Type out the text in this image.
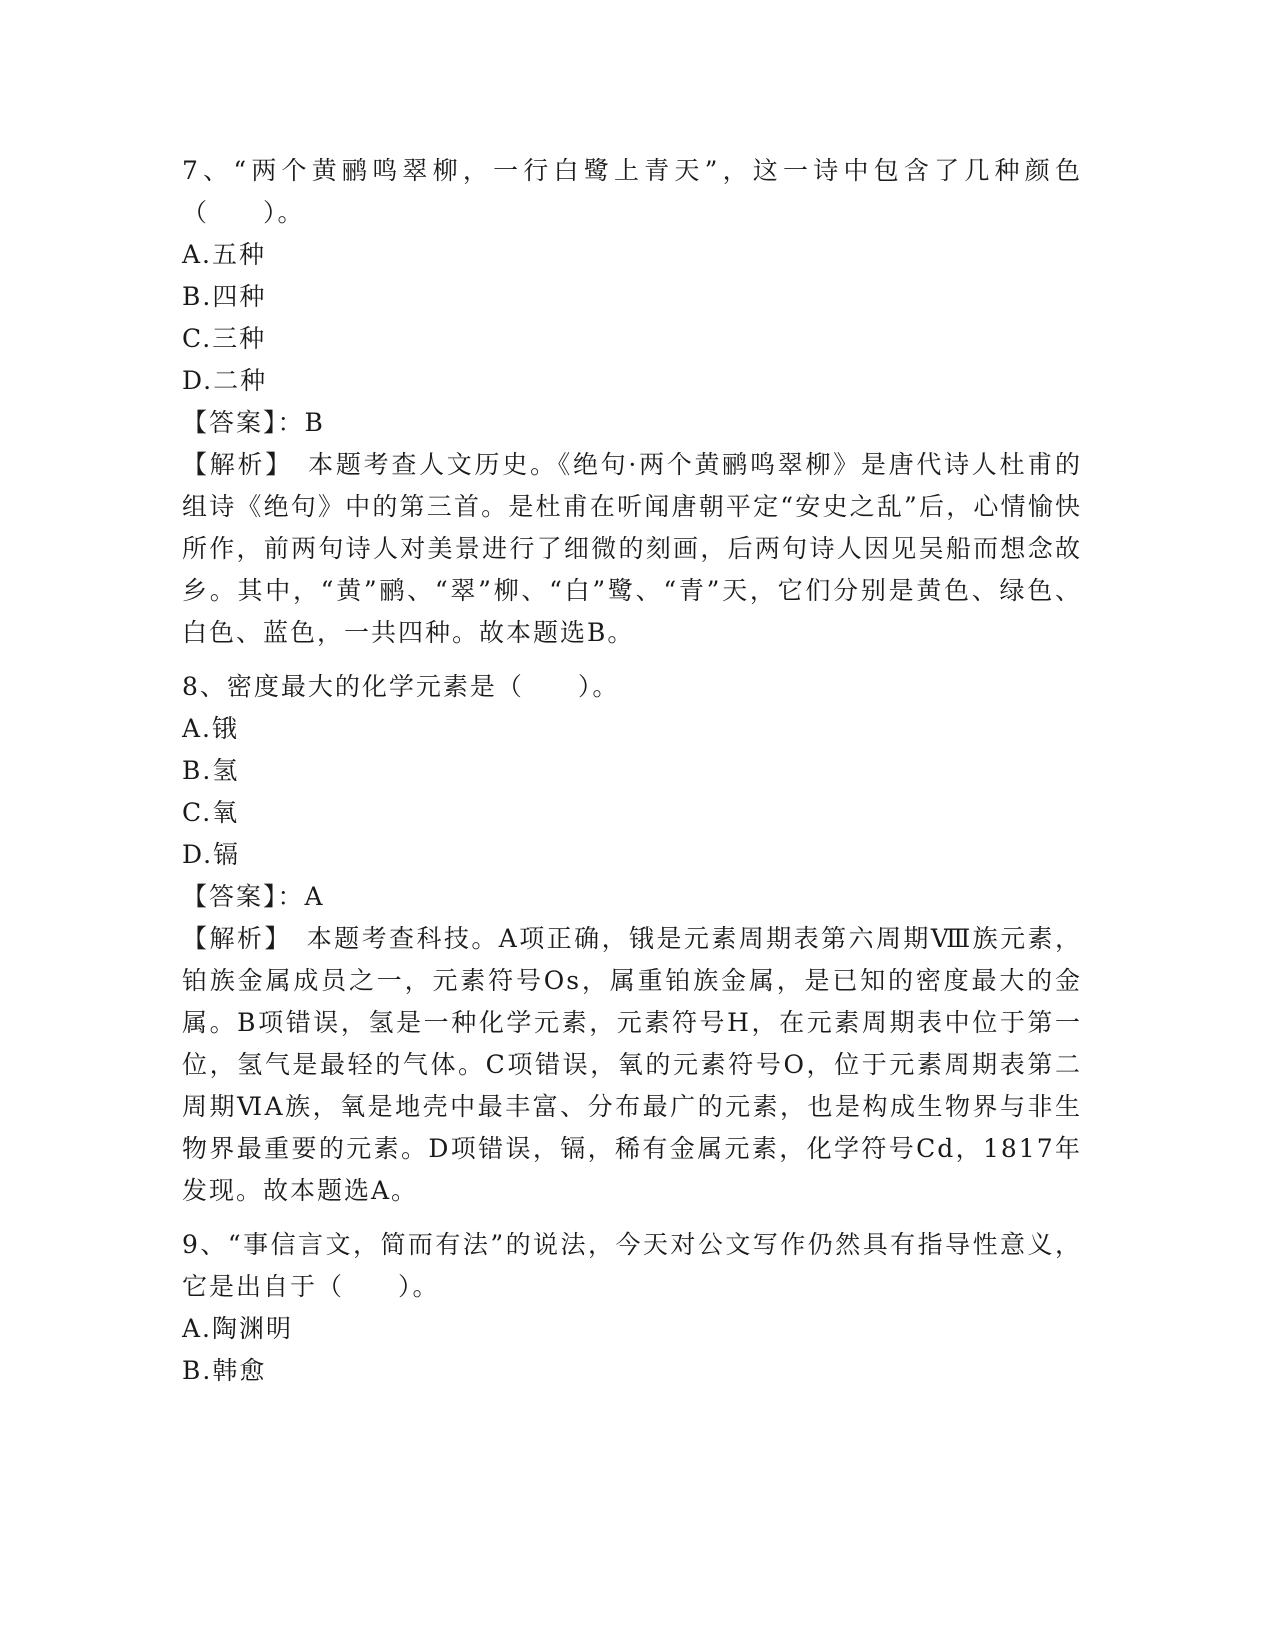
7、“两个黄鹂鸣翠柳，一行白鹭上青天”，这一诗中包含了几种颜色（　　）。

A.五种

B.四种

C.三种

D.二种

【答案】：B

【解析】　本题考查人文历史。《绝句·两个黄鹂鸣翠柳》是唐代诗人杜甫的组诗《绝句》中的第三首。是杜甫在听闻唐朝平定“安史之乱”后，心情愉快所作，前两句诗人对美景进行了细微的刻画，后两句诗人因见吴船而想念故乡。其中，“黄”鹂、“翠”柳、“白”鹭、“青”天，它们分别是黄色、绿色、白色、蓝色，一共四种。故本题选B。

8、密度最大的化学元素是（　　）。

A.锇

B.氢

C.氧

D.镉

【答案】：A

【解析】　本题考查科技。A项正确，锇是元素周期表第六周期Ⅷ族元素，铂族金属成员之一，元素符号Os，属重铂族金属，是已知的密度最大的金属。B项错误，氢是一种化学元素，元素符号H，在元素周期表中位于第一位，氢气是最轻的气体。C项错误，氧的元素符号O，位于元素周期表第二周期ⅥA族，氧是地壳中最丰富、分布最广的元素，也是构成生物界与非生物界最重要的元素。D项错误，镉，稀有金属元素，化学符号Cd，1817年发现。故本题选A。

9、“事信言文，简而有法”的说法，今天对公文写作仍然具有指导性意义，它是出自于（　　）。

A.陶渊明

B.韩愈
